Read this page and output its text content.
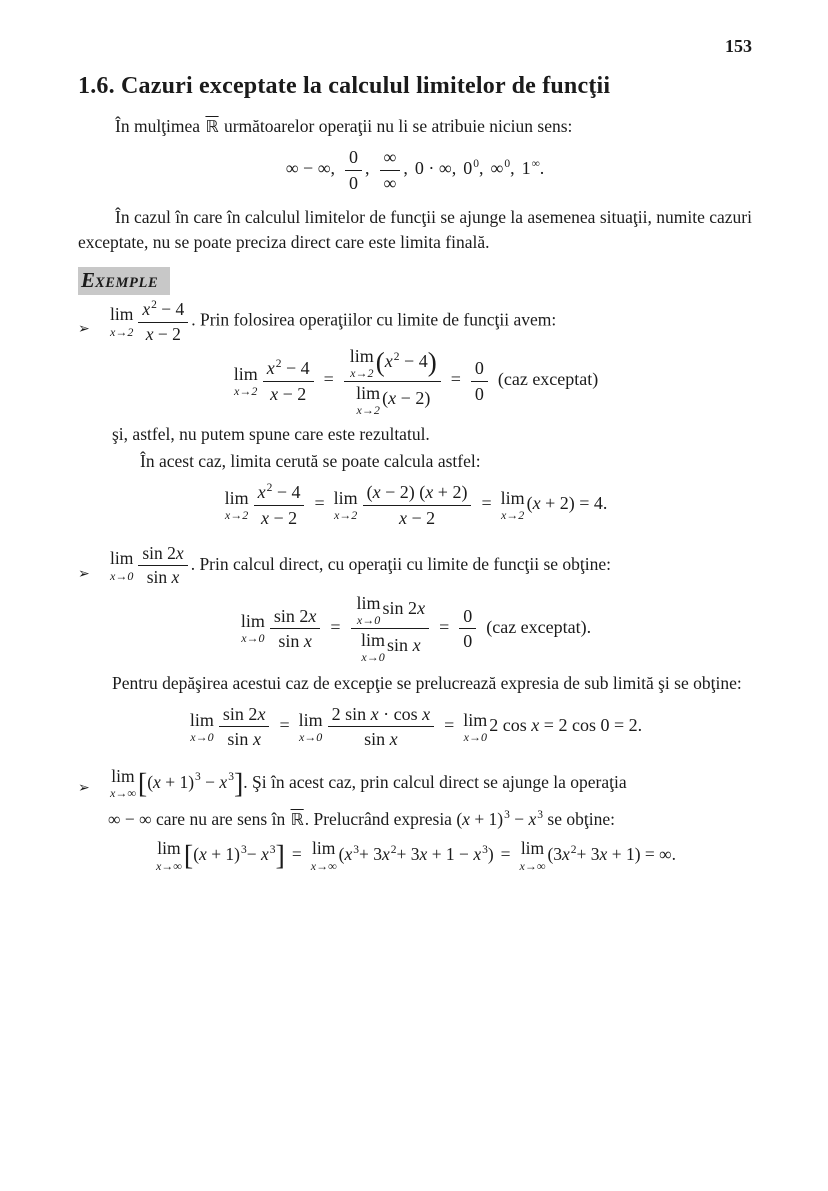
153
1.6. Cazuri exceptate la calculul limitelor de funcţii

În mulţimea ℝ următoarelor operaţii nu li se atribuie niciun sens:

∞ − ∞, $\frac{0}{0}$ , $\frac{\infty}{\infty}$ , 0 · ∞, $0^0$, ∞$^0$, 1∞.

În cazul în care în calculul limitelor de funcţii se ajunge la asemenea situaţii, numite cazuri exceptate, nu se poate preciza direct care este limita finală.

EXEMPLE
➢
lim
$x\to 2 \frac{x^2 - 4}{x - 2}$ . Prin folosirea operaţiilor cu limite de funcţii avem:
lim
$x\to 2 \frac{x^2 - 4}{x - 2} = \lim$
x→2 $(x^2 - 4)$
lim
x→2
$(x - 2) = \frac{0}{0} (caz$ exceptat)

şi, astfel, nu putem spune care este rezultatul.

În acest caz, limita cerută se poate calcula astfel:

lim
$x\to 2 \frac{x^2 - 4}{x - 2} = \lim$
$x\to 2 \frac{(x - 2) (x + 2)}{x - 2} = \lim$
x→2
(x + 2) = 4.
➢
lim
$x\to 0 \frac{\sin 2x}{\text{sin x}}$ . Prin calcul direct, cu operaţii cu limite de funcţii se obţine:
lim
$x\to 0 \frac{\sin 2x}{\text{sin x}} = \lim$
x→0
sin 2x
lim
x→0
$\sin x = \frac{0}{0} (caz$ exceptat).

Pentru depăşirea acestui caz de excepţie se prelucrează expresia de sub limită şi se obţine:

lim
$x\to 0 \frac{\sin 2x}{\text{sin x}} = \lim$
$x\to 0 \frac{\text{2 sin x · cos x}}{\text{sin x}} = \lim$
x→0
2 cos x = 2 cos 0 = 2.
➢
lim
x→∞ $[(x + 1)^3 - x^3]$. Şi în acest caz, prin calcul direct se ajunge la operaţia
∞ − ∞ care nu are sens în ℝ. Prelucrând expresia $(x + 1)^3 - x^3$ se obţine:
lim
x→∞ $[(x + 1)^3- x^3] = \lim$
x→∞
$(x^3+ 3x^2+ 3x + 1 - x^3) = \lim$
x→∞
$(3x^2+ 3x + 1)$ = ∞.
